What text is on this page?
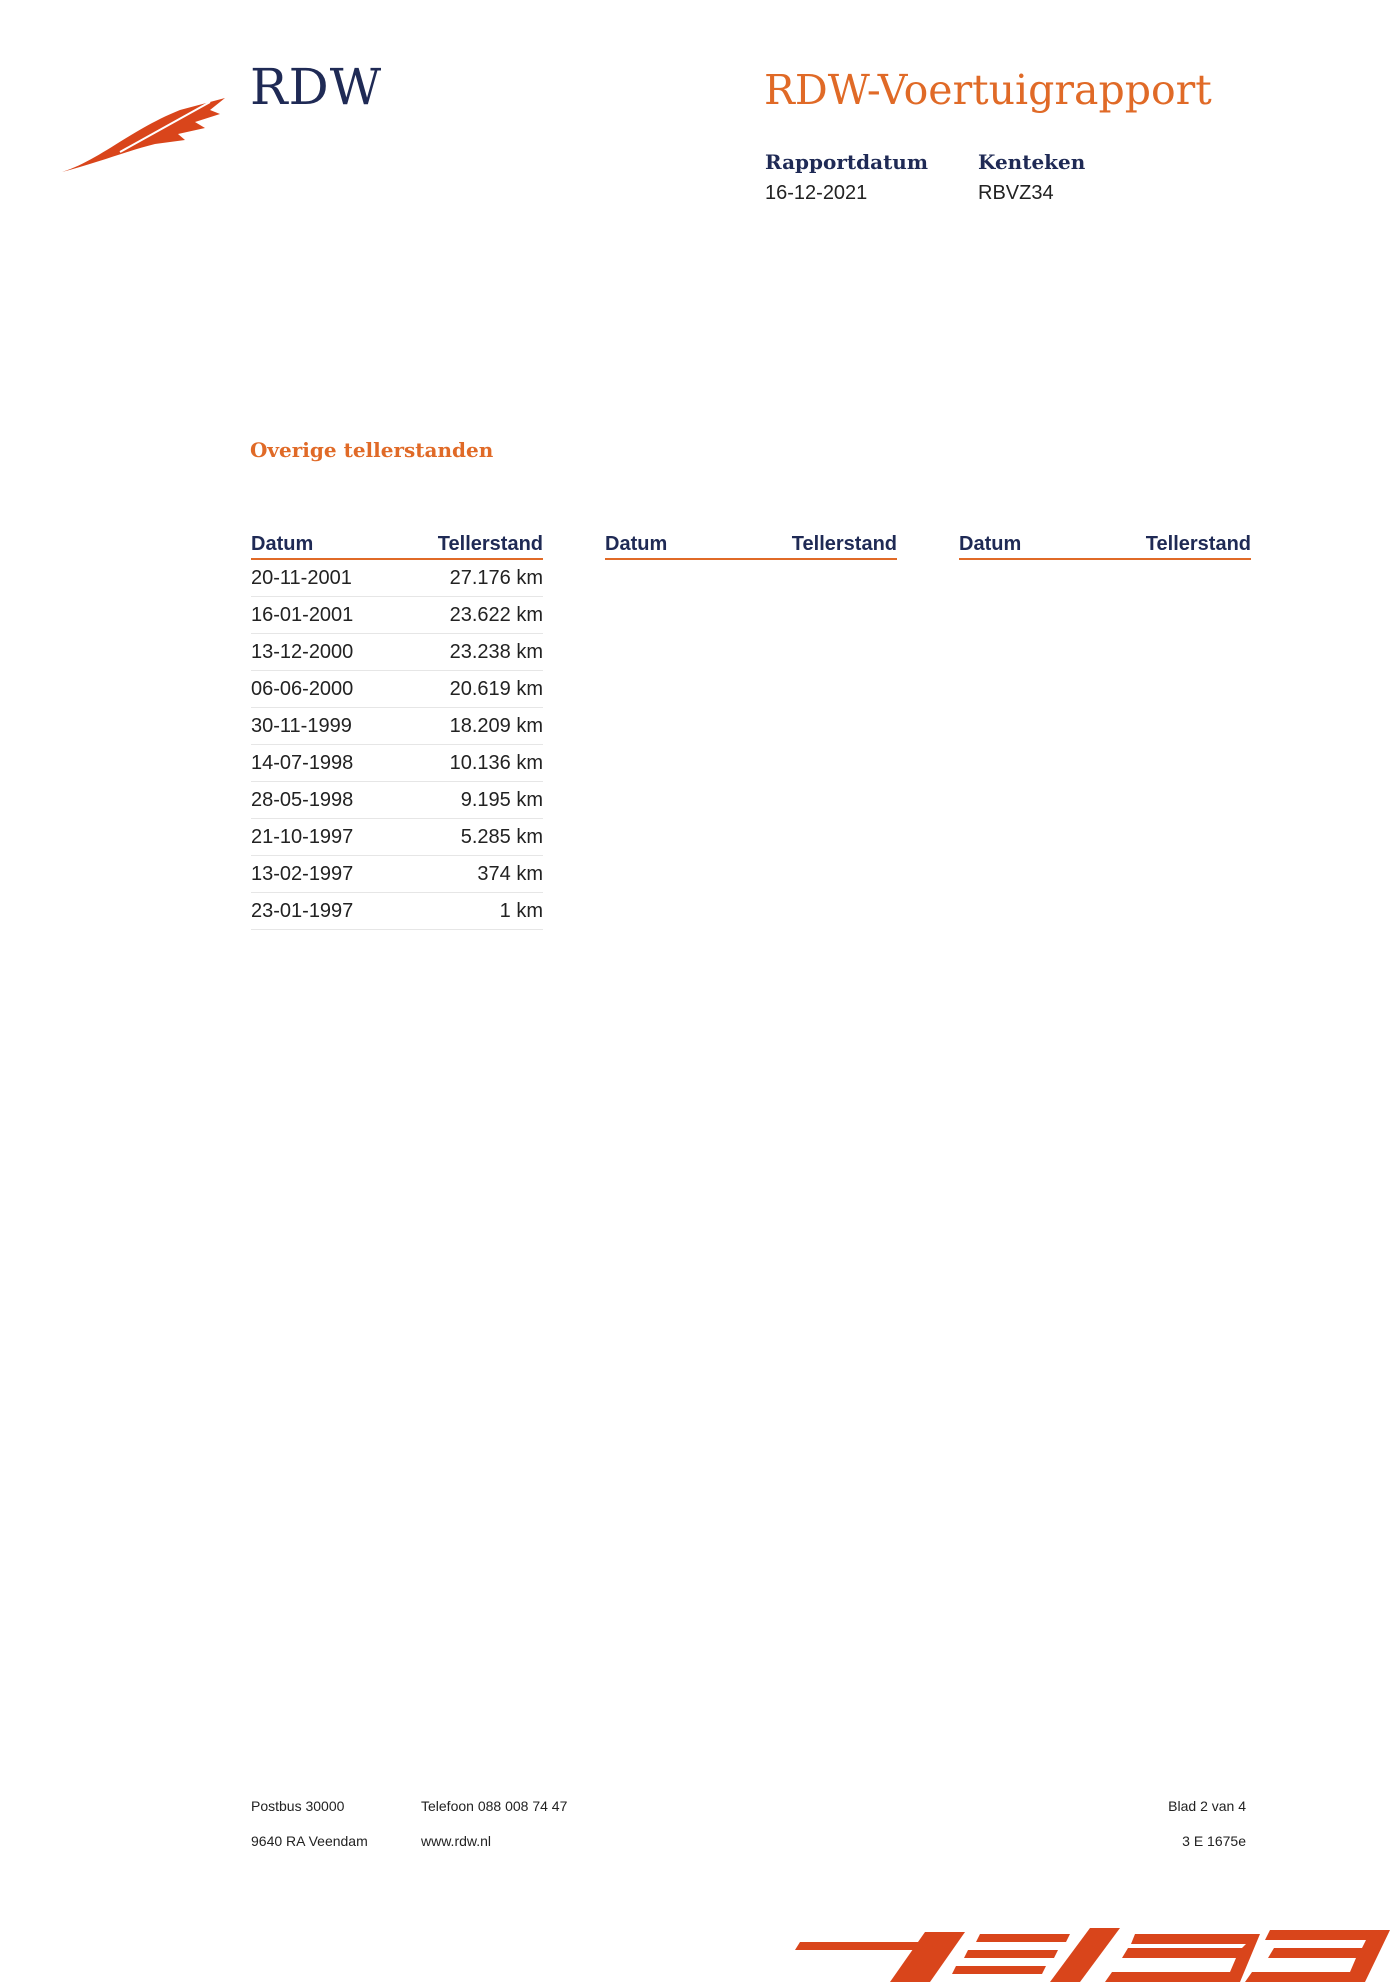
RDW	RDW-Voertuigrapport
Rapportdatum
16-12-2021
Kenteken
RBVZ34
Overige tellerstanden
Datum	Tellerstand
20-11-2001	27.176 km
16-01-2001	23.622 km
13-12-2000	23.238 km
06-06-2000	20.619 km
30-11-1999	18.209 km
14-07-1998	10.136 km
28-05-1998	9.195 km
21-10-1997	5.285 km
13-02-1997	374 km
23-01-1997	1 km
Datum	Tellerstand	Datum	Tellerstand
Postbus 30000
9640 RA Veendam
Telefoon 088 008 74 47
www.rdw.nl
Blad 2 van 4
3 E 1675e
